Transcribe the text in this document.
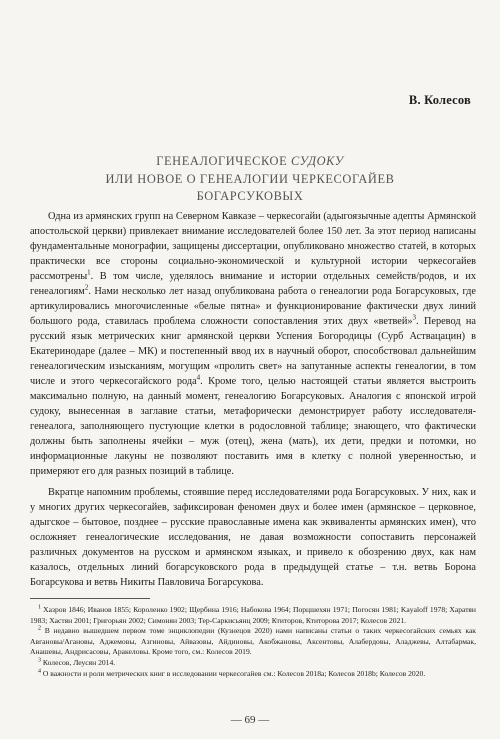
В. Колесов
ГЕНЕАЛОГИЧЕСКОЕ СУДОКУ
ИЛИ НОВОЕ О ГЕНЕАЛОГИИ ЧЕРКЕСОГАЙЕВ
БОГАРСУКОВЫХ

Одна из армянских групп на Северном Кавказе – черкесогайи (адыгоязычные адепты Армянской апостольской церкви) привлекает внимание исследователей более 150 лет. За этот период написаны фундаментальные монографии, защищены диссертации, опубликовано множество статей, в которых практически все стороны социально-экономической и культурной истории черкесогайев рассмотрены$^1$. В том числе, уделялось внимание и истории отдельных семейств/родов, и их генеалогиям$^2$. Нами несколько лет назад опубликована работа о генеалогии рода Богарсуковых, где артикулировались многочисленные «белые пятна» и функционирование фактически двух линий большого рода, ставилась проблема сложности сопоставления этих двух «ветвей»$^3$. Перевод на русский язык метрических книг армянской церкви Успения Богородицы (Сурб Аствацацин) в Екатеринодаре (далее – МК) и постепенный ввод их в научный оборот, способствовал дальнейшим генеалогическим изысканиям, могущим «пролить свет» на запутанные аспекты генеалогии, в том числе и этого черкесогайского рода$^4$. Кроме того, целью настоящей статьи является выстроить максимально полную, на данный момент, генеалогию Богарсуковых. Аналогия с японской игрой судоку, вынесенная в заглавие статьи, метафорически демонстрирует работу исследователя-генеалога, заполняющего пустующие клетки в родословной таблице; знающего, что фактически должны быть заполнены ячейки – муж (отец), жена (мать), их дети, предки и потомки, но информационные лакуны не позволяют поставить имя в клетку с полной уверенностью, и примеряют его для разных позиций в таблице.

Вкратце напомним проблемы, стоявшие перед исследователями рода Богарсуковых. У них, как и у многих других черкесогайев, зафиксирован феномен двух и более имен (армянское – церковное, адыгское – бытовое, позднее – русские православные имена как эквиваленты армянских имен), что осложняет генеалогические исследования, не давая возможности сопоставить персонажей различных документов на русском и армянском языках, и привело к обозрению двух, как нам казалось, отдельных линий богарсуковского рода в предыдущей статье – т.н. ветвь Борона Богарсукова и ветвь Никиты Павловича Богарсукова.

$^1$ Хазров 1846; Иванов 1855; Короленко 1902; Щербина 1916; Набокова 1964; Порцшехян 1971; Погосян 1981; Kayaloff 1978; Харатян 1983; Хастян 2001; Григорьян 2002; Симонян 2003; Тер-Саркисьянц 2009; Ктиторов, Ктиторова 2017; Колесов 2021.

$^2$ В недавно вышедшем первом томе энциклопедии (Кузнецов 2020) нами написаны статьи о таких черкесогайских семьях как Авгановы/Агановы, Аджемовы, Азгиновы, Айвазовы, Айдиновы, Акобжановы, Аксентовы, Алабердовы, Аладжевы, Алтабармак, Анашевы, Андрисасовы, Аракеловы. Кроме того, см.: Колесов 2019.

$^3$ Колесов, Леусян 2014.

$^4$ О важности и роли метрических книг в исследовании черкесогайев см.: Колесов 2018а; Колесов 2018b; Колесов 2020.

— 69 —
